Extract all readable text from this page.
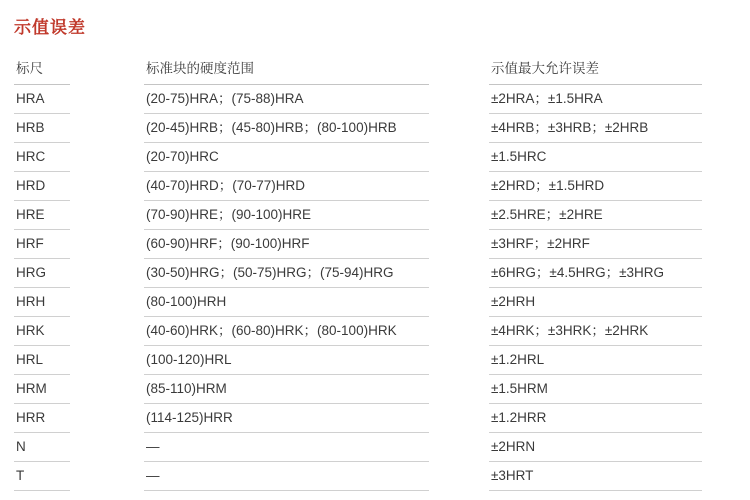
示值误差
标尺	标准块的硬度范围	示值最大允许误差

HRA	(20-75)HRA；(75-88)HRA	±2HRA；±1.5HRA

HRB	(20-45)HRB；(45-80)HRB；(80-100)HRB	±4HRB；±3HRB；±2HRB

HRC	(20-70)HRC	±1.5HRC

HRD	(40-70)HRD；(70-77)HRD	±2HRD；±1.5HRD

HRE	(70-90)HRE；(90-100)HRE	±2.5HRE；±2HRE

HRF	(60-90)HRF；(90-100)HRF	±3HRF；±2HRF

HRG	(30-50)HRG；(50-75)HRG；(75-94)HRG	±6HRG；±4.5HRG；±3HRG

HRH	(80-100)HRH	±2HRH

HRK	(40-60)HRK；(60-80)HRK；(80-100)HRK	±4HRK；±3HRK；±2HRK

HRL	(100-120)HRL	±1.2HRL

HRM	(85-110)HRM	±1.5HRM

HRR	(114-125)HRR	±1.2HRR

N	—	±2HRN

T	—	±3HRT
